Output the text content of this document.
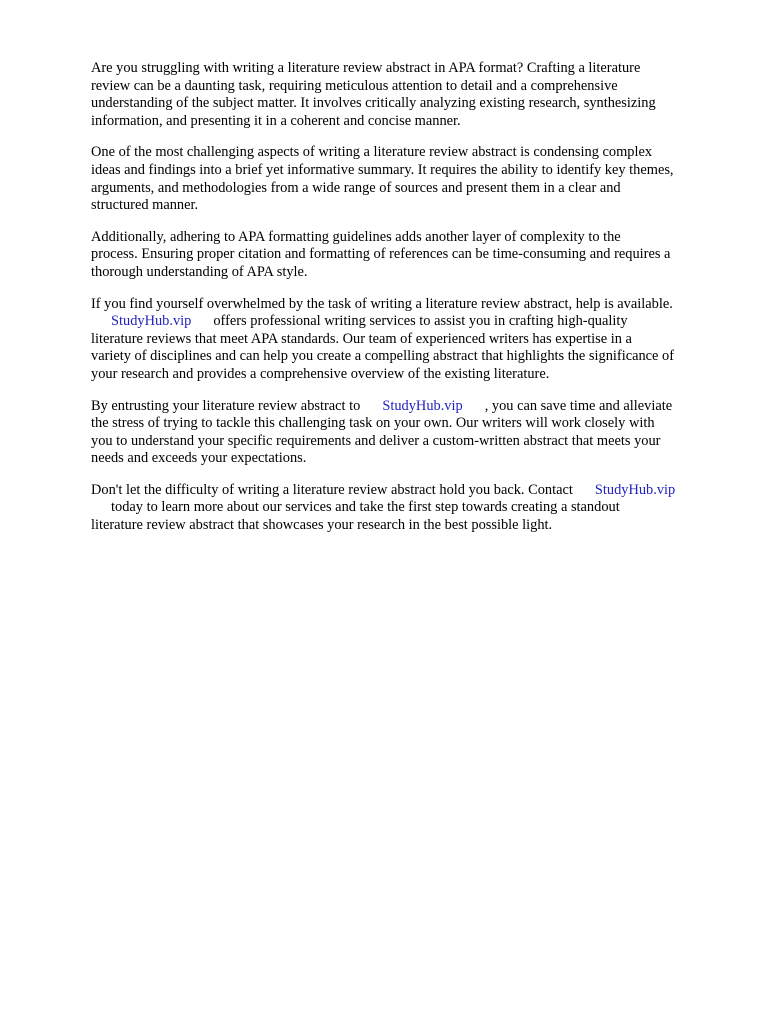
Are you struggling with writing a literature review abstract in APA format? Crafting a literature
review can be a daunting task, requiring meticulous attention to detail and a comprehensive
understanding of the subject matter. It involves critically analyzing existing research, synthesizing
information, and presenting it in a coherent and concise manner.
One of the most challenging aspects of writing a literature review abstract is condensing complex
ideas and findings into a brief yet informative summary. It requires the ability to identify key themes,
arguments, and methodologies from a wide range of sources and present them in a clear and
structured manner.
Additionally, adhering to APA formatting guidelines adds another layer of complexity to the
process. Ensuring proper citation and formatting of references can be time-consuming and requires a
thorough understanding of APA style.
If you find yourself overwhelmed by the task of writing a literature review abstract, help is available.
StudyHub.vip offers professional writing services to assist you in crafting high-quality
literature reviews that meet APA standards. Our team of experienced writers has expertise in a
variety of disciplines and can help you create a compelling abstract that highlights the significance of
your research and provides a comprehensive overview of the existing literature.
By entrusting your literature review abstract to StudyHub.vip , you can save time and alleviate
the stress of trying to tackle this challenging task on your own. Our writers will work closely with
you to understand your specific requirements and deliver a custom-written abstract that meets your
needs and exceeds your expectations.
Don't let the difficulty of writing a literature review abstract hold you back. Contact StudyHub.vip
today to learn more about our services and take the first step towards creating a standout
literature review abstract that showcases your research in the best possible light.
